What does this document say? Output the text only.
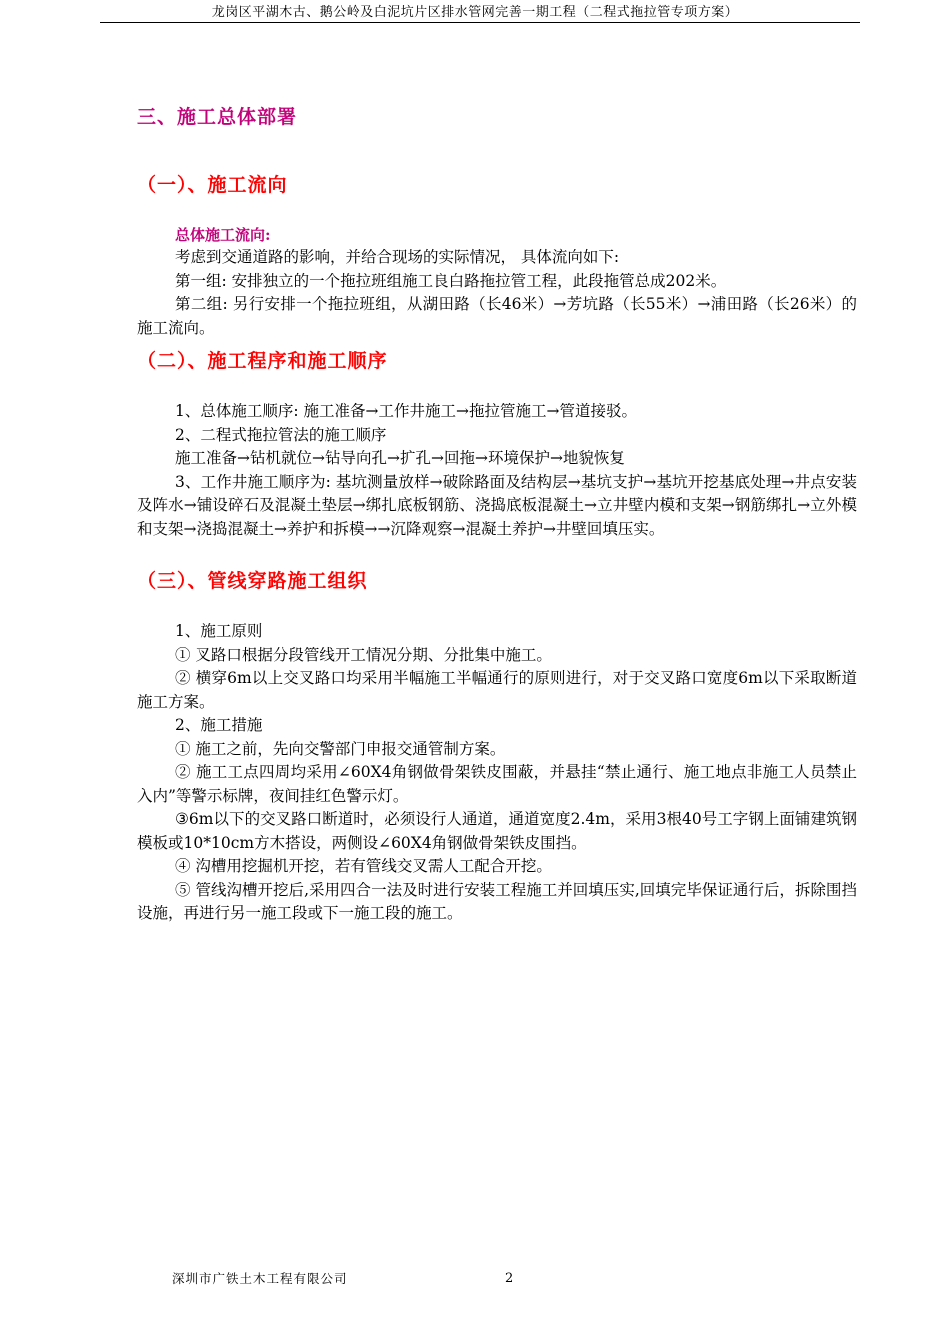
龙岗区平湖木古、鹅公岭及白泥坑片区排水管网完善一期工程（二程式拖拉管专项方案）
三、施工总体部署
（一）、施工流向
总体施工流向:

考虑到交通道路的影响，并给合现场的实际情况， 具体流向如下:

第一组: 安排独立的一个拖拉班组施工良白路拖拉管工程，此段拖管总成202米。

第二组: 另行安排一个拖拉班组，从湖田路（长46米）→芳坑路（长55米）→浦田路（长26米）的施工流向。

（二）、施工程序和施工顺序

1、总体施工顺序: 施工准备→工作井施工→拖拉管施工→管道接驳。

2、二程式拖拉管法的施工顺序

施工准备→钻机就位→钻导向孔→扩孔→回拖→环境保护→地貌恢复

3、工作井施工顺序为: 基坑测量放样→破除路面及结构层→基坑支护→基坑开挖基底处理→井点安装及阵水→铺设碎石及混凝土垫层→绑扎底板钢筋、浇捣底板混凝土→立井壁内模和支架→钢筋绑扎→立外模和支架→浇捣混凝土→养护和拆模→→沉降观察→混凝土养护→井壁回填压实。

（三）、管线穿路施工组织

1、施工原则

① 叉路口根据分段管线开工情况分期、分批集中施工。

② 横穿6m以上交叉路口均采用半幅施工半幅通行的原则进行，对于交叉路口宽度6m以下采取断道施工方案。

2、施工措施

① 施工之前，先向交警部门申报交通管制方案。

② 施工工点四周均采用∠60X4角钢做骨架铁皮围蔽，并悬挂“禁止通行、施工地点非施工人员禁止入内”等警示标牌，夜间挂红色警示灯。

③6m以下的交叉路口断道时，必须设行人通道，通道宽度2.4m，采用3根40号工字钢上面铺建筑钢模板或10*10cm方木搭设，两侧设∠60X4角钢做骨架铁皮围挡。

④ 沟槽用挖掘机开挖，若有管线交叉需人工配合开挖。

⑤ 管线沟槽开挖后,采用四合一法及时进行安装工程施工并回填压实,回填完毕保证通行后，拆除围挡设施，再进行另一施工段或下一施工段的施工。

深圳市广铁土木工程有限公司	2
